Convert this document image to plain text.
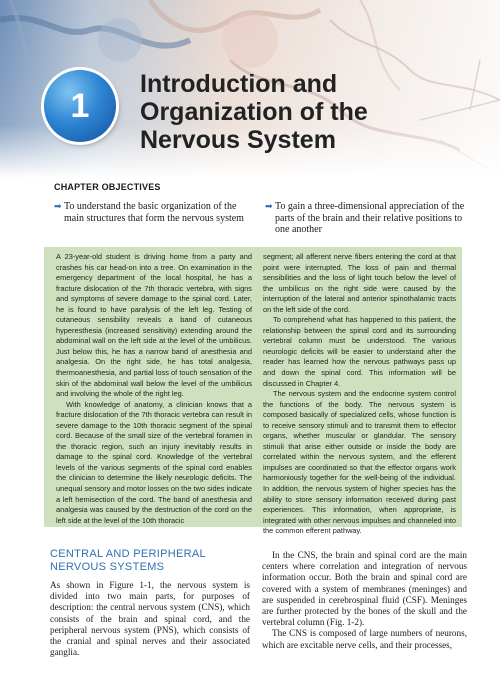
1
Introduction and
Organization of the
Nervous System
CHAPTER OBJECTIVES
➡ To understand the basic organization of the main structures that form the nervous system
➡ To gain a three-dimensional appreciation of the parts of the brain and their relative positions to one another

A 23-year-old student is driving home from a party and crashes his car head-on into a tree. On examination in the emergency department of the local hospital, he has a fracture dislocation of the 7th thoracic vertebra, with signs and symptoms of severe damage to the spinal cord. Later, he is found to have paralysis of the left leg. Testing of cutaneous sensibility reveals a band of cutaneous hyperesthesia (increased sensitivity) extending around the abdominal wall on the left side at the level of the umbilicus. Just below this, he has a narrow band of anesthesia and analgesia. On the right side, he has total analgesia, thermoanesthesia, and partial loss of touch sensation of the skin of the abdominal wall below the level of the umbilicus and involving the whole of the right leg.

With knowledge of anatomy, a clinician knows that a fracture dislocation of the 7th thoracic vertebra can result in severe damage to the 10th thoracic segment of the spinal cord. Because of the small size of the vertebral foramen in the thoracic region, such an injury inevitably results in damage to the spinal cord. Knowledge of the vertebral levels of the various segments of the spinal cord enables the clinician to determine the likely neurologic deficits. The unequal sensory and motor losses on the two sides indicate a left hemisection of the cord. The band of anesthesia and analgesia was caused by the destruction of the cord on the left side at the level of the 10th thoracic

segment; all afferent nerve fibers entering the cord at that point were interrupted. The loss of pain and thermal sensibilities and the loss of light touch below the level of the umbilicus on the right side were caused by the interruption of the lateral and anterior spinothalamic tracts on the left side of the cord.

To comprehend what has happened to this patient, the relationship between the spinal cord and its surrounding vertebral column must be understood. The various neurologic deficits will be easier to understand after the reader has learned how the nervous pathways pass up and down the spinal cord. This information will be discussed in Chapter 4.

The nervous system and the endocrine system control the functions of the body. The nervous system is composed basically of specialized cells, whose function is to receive sensory stimuli and to transmit them to effector organs, whether muscular or glandular. The sensory stimuli that arise either outside or inside the body are correlated within the nervous system, and the efferent impulses are coordinated so that the effector organs work harmoniously together for the well-being of the individual. In addition, the nervous system of higher species has the ability to store sensory information received during past experiences. This information, when appropriate, is integrated with other nervous impulses and channeled into the common efferent pathway.

CENTRAL AND PERIPHERAL
NERVOUS SYSTEMS

As shown in Figure 1-1, the nervous system is divided into two main parts, for purposes of description: the central nervous system (CNS), which consists of the brain and spinal cord, and the peripheral nervous system (PNS), which consists of the cranial and spinal nerves and their associated ganglia.

In the CNS, the brain and spinal cord are the main centers where correlation and integration of nervous information occur. Both the brain and spinal cord are covered with a system of membranes (meninges) and are suspended in cerebrospinal fluid (CSF). Meninges are further protected by the bones of the skull and the vertebral column (Fig. 1-2).

The CNS is composed of large numbers of neurons, which are excitable nerve cells, and their processes,
